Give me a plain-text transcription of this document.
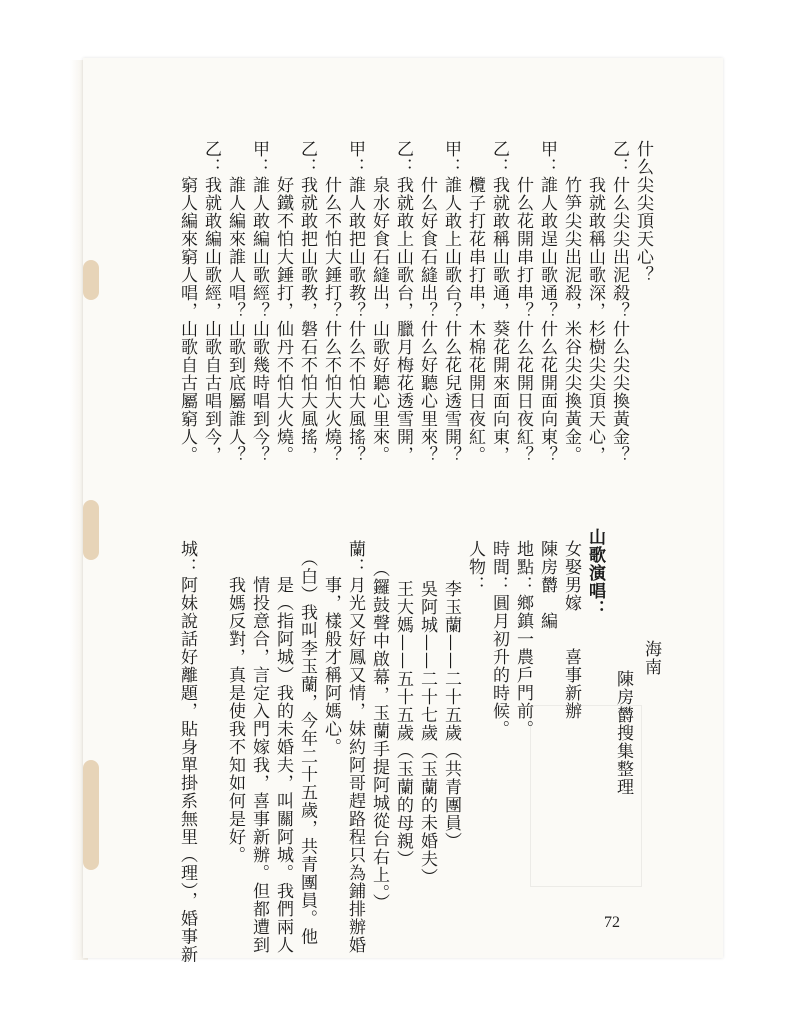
什么尖尖頂天心？
乙：什么尖尖出泥殺？什么尖尖換黃金？
　　我就敢稱山歌深，杉樹尖尖頂天心，
　　竹笋尖尖出泥殺，米谷尖尖換黃金。
甲：誰人敢逞山歌通？什么花開面向東？
　　什么花開串打串？什么花開日夜紅？
乙：我就敢稱山歌通，葵花開來面向東，
　　欖子打花串打串，木棉花開日夜紅。
甲：誰人敢上山歌台？什么花兒透雪開？
　　什么好食石縫出？什么好聽心里來？
乙：我就敢上山歌台，臘月梅花透雪開，
　　泉水好食石縫出，山歌好聽心里來。
甲：誰人敢把山歌教？什么不怕大風搖？
　　什么不怕大錘打？什么不怕大火燒？
乙：我就敢把山歌教，磐石不怕大風搖，
　　好鐵不怕大錘打，仙丹不怕大火燒。
甲：誰人敢編山歌經？山歌幾時唱到今？
　　誰人編來誰人唱？山歌到底屬誰人？
乙：我就敢編山歌經，山歌自古唱到今，
　　窮人編來窮人唱，山歌自古屬窮人。
海南
陳房欝搜集整理
山歌演唱：
女娶男嫁　　喜事新辦
陳房欝　編
地點：鄉鎮一農戶門前。
時間：圓月初升的時候。
人物：
李玉蘭——二十五歲（共青團員）
吳阿城——二十七歲（玉蘭的未婚夫）
王大媽——五十五歲（玉蘭的母親）
（鑼鼓聲中啟幕，玉蘭手提阿城從台右上。）
蘭：月光又好鳳又情，妹約阿哥趕路程只為鋪排辦婚
　　事，樣般才稱阿媽心。
　（白）我叫李玉蘭，今年二十五歲，共青團員。他
　　是（指阿城）我的未婚夫，叫關阿城。我們兩人
　　情投意合，言定入門嫁我，喜事新辦。但都遭到
　　我媽反對，真是使我不知如何是好。
城：阿妹說話好離題，貼身單掛系無里（理），婚事新	72
